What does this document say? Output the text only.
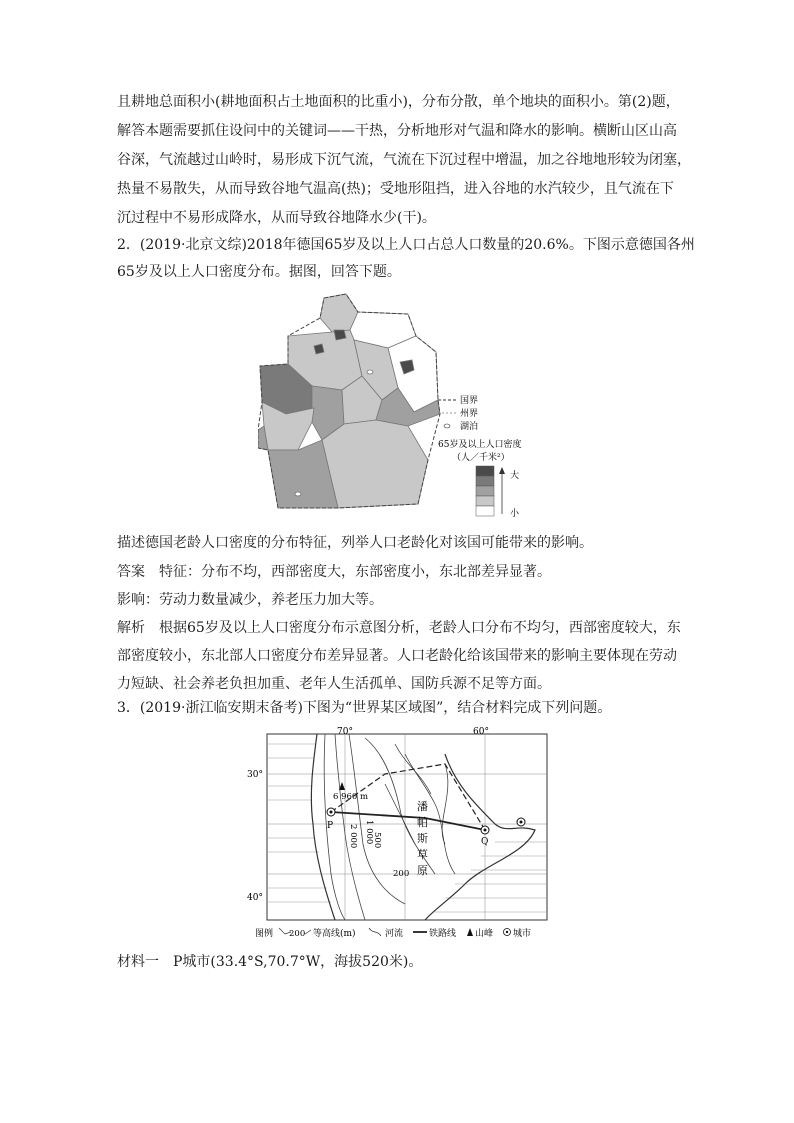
且耕地总面积小(耕地面积占土地面积的比重小)，分布分散，单个地块的面积小。第(2)题，
解答本题需要抓住设问中的关键词——干热，分析地形对气温和降水的影响。横断山区山高
谷深，气流越过山岭时，易形成下沉气流，气流在下沉过程中增温，加之谷地地形较为闭塞，
热量不易散失，从而导致谷地气温高(热)；受地形阻挡，进入谷地的水汽较少，且气流在下
沉过程中不易形成降水，从而导致谷地降水少(干)。
2．(2019·北京文综)2018年德国65岁及以上人口占总人口数量的20.6%。下图示意德国各州
65岁及以上人口密度分布。据图，回答下题。
国界
州界
湖泊
65岁及以上人口密度
（人／千米²）
大
小
描述德国老龄人口密度的分布特征，列举人口老龄化对该国可能带来的影响。
答案　特征：分布不均，西部密度大，东部密度小，东北部差异显著。
影响：劳动力数量减少，养老压力加大等。
解析　根据65岁及以上人口密度分布示意图分析，老龄人口分布不均匀，西部密度较大，东
部密度较小，东北部人口密度分布差异显著。人口老龄化给该国带来的影响主要体现在劳动
力短缺、社会养老负担加重、老年人生活孤单、国防兵源不足等方面。
3．(2019·浙江临安期末备考)下图为“世界某区域图”，结合材料完成下列问题。
70°	60°
30°
40°
6 960 m
2 000 1 000
500
200
P
Q
潘
帕
斯
草
原
图例 200 等高线(m)	河流	铁路线 山峰 城市
材料一　P城市(33.4°S,70.7°W，海拔520米)。
